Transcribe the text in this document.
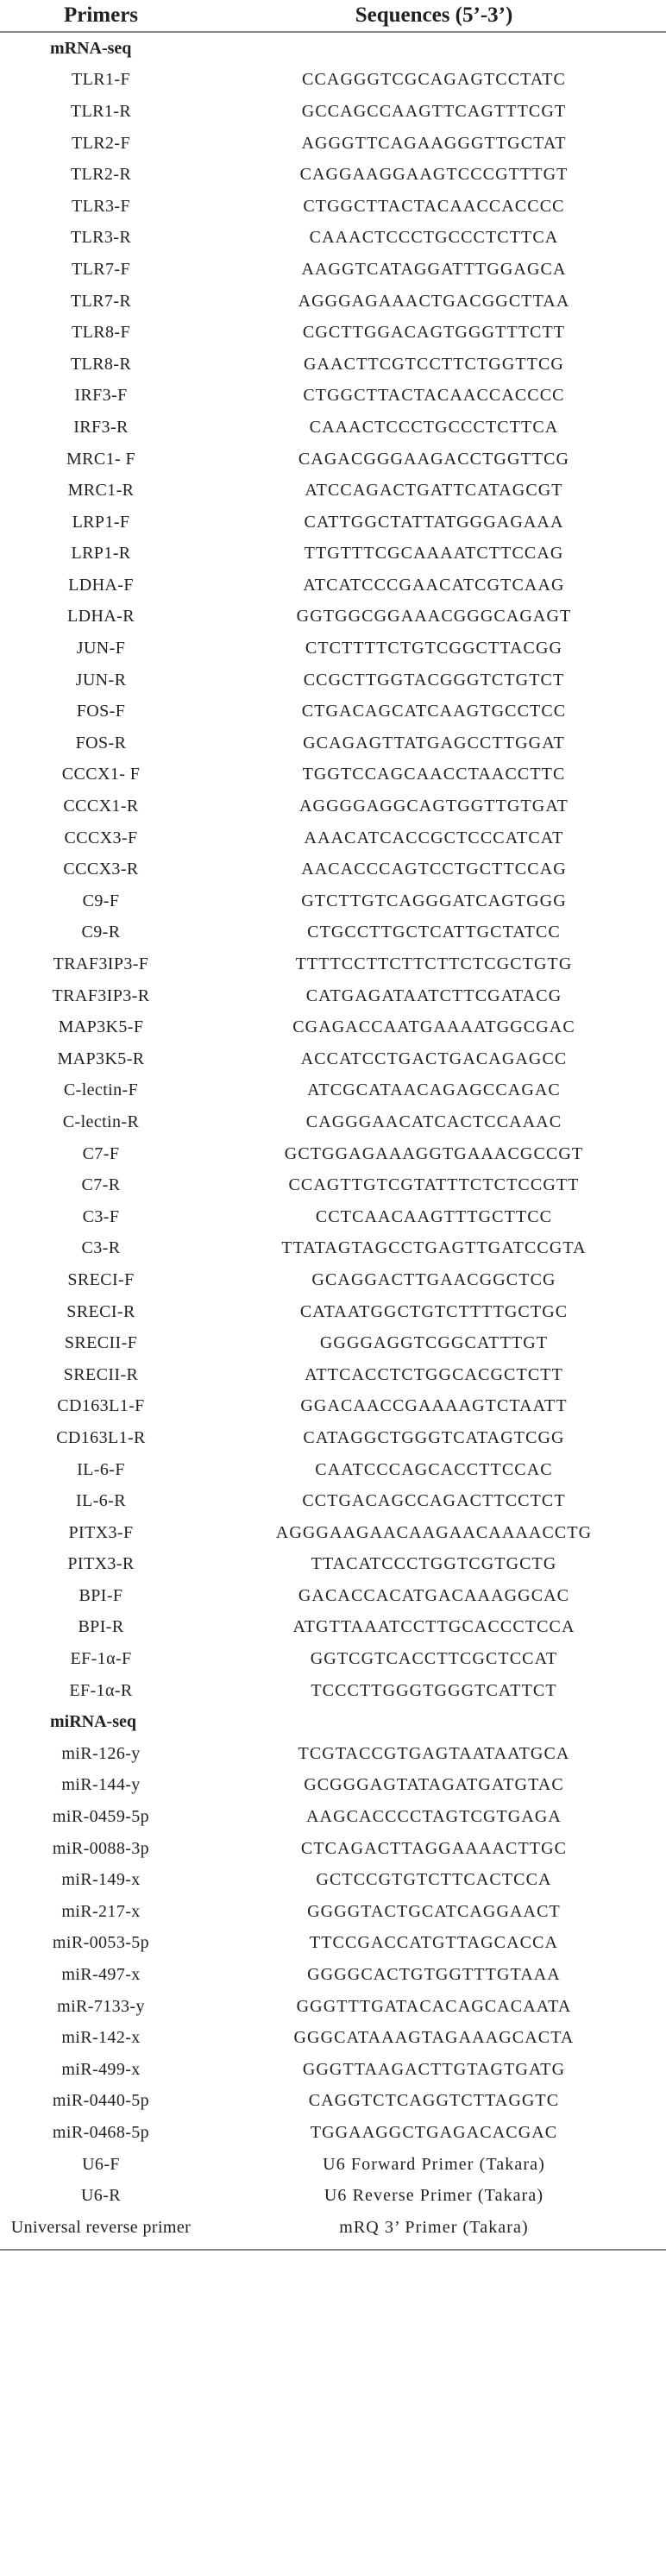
Primers	Sequences (5’-3’)
mRNA-seq
TLR1-F	CCAGGGTCGCAGAGTCCTATC
TLR1-R	GCCAGCCAAGTTCAGTTTCGT
TLR2-F	AGGGTTCAGAAGGGTTGCTAT
TLR2-R	CAGGAAGGAAGTCCCGTTTGT
TLR3-F	CTGGCTTACTACAACCACCCC
TLR3-R	CAAACTCCCTGCCCTCTTCA
TLR7-F	AAGGTCATAGGATTTGGAGCA
TLR7-R	AGGGAGAAACTGACGGCTTAA
TLR8-F	CGCTTGGACAGTGGGTTTCTT
TLR8-R	GAACTTCGTCCTTCTGGTTCG
IRF3-F	CTGGCTTACTACAACCACCCC
IRF3-R	CAAACTCCCTGCCCTCTTCA
MRC1- F	CAGACGGGAAGACCTGGTTCG
MRC1-R	ATCCAGACTGATTCATAGCGT
LRP1-F	CATTGGCTATTATGGGAGAAA
LRP1-R	TTGTTTCGCAAAATCTTCCAG
LDHA-F	ATCATCCCGAACATCGTCAAG
LDHA-R	GGTGGCGGAAACGGGCAGAGT
JUN-F	CTCTTTTCTGTCGGCTTACGG
JUN-R	CCGCTTGGTACGGGTCTGTCT
FOS-F	CTGACAGCATCAAGTGCCTCC
FOS-R	GCAGAGTTATGAGCCTTGGAT
CCCX1- F	TGGTCCAGCAACCTAACCTTC
CCCX1-R	AGGGGAGGCAGTGGTTGTGAT
CCCX3-F	AAACATCACCGCTCCCATCAT
CCCX3-R	AACACCCAGTCCTGCTTCCAG
C9-F	GTCTTGTCAGGGATCAGTGGG
C9-R	CTGCCTTGCTCATTGCTATCC
TRAF3IP3-F	TTTTCCTTCTTCTTCTCGCTGTG
TRAF3IP3-R	CATGAGATAATCTTCGATACG
MAP3K5-F	CGAGACCAATGAAAATGGCGAC
MAP3K5-R	ACCATCCTGACTGACAGAGCC
C-lectin-F	ATCGCATAACAGAGCCAGAC
C-lectin-R	CAGGGAACATCACTCCAAAC
C7-F	GCTGGAGAAAGGTGAAACGCCGT
C7-R	CCAGTTGTCGTATTTCTCTCCGTT
C3-F	CCTCAACAAGTTTGCTTCC
C3-R	TTATAGTAGCCTGAGTTGATCCGTA
SRECI-F	GCAGGACTTGAACGGCTCG
SRECI-R	CATAATGGCTGTCTTTTGCTGC
SRECII-F	GGGGAGGTCGGCATTTGT
SRECII-R	ATTCACCTCTGGCACGCTCTT
CD163L1-F	GGACAACCGAAAAGTCTAATT
CD163L1-R	CATAGGCTGGGTCATAGTCGG
IL-6-F	CAATCCCAGCACCTTCCAC
IL-6-R	CCTGACAGCCAGACTTCCTCT
PITX3-F	AGGGAAGAACAAGAACAAAACCTG
PITX3-R	TTACATCCCTGGTCGTGCTG
BPI-F	GACACCACATGACAAAGGCAC
BPI-R	ATGTTAAATCCTTGCACCCTCCA
EF-1α-F	GGTCGTCACCTTCGCTCCAT
EF-1α-R	TCCCTTGGGTGGGTCATTCT
miRNA-seq
miR-126-y	TCGTACCGTGAGTAATAATGCA
miR-144-y	GCGGGAGTATAGATGATGTAC
miR-0459-5p	AAGCACCCCTAGTCGTGAGA
miR-0088-3p	CTCAGACTTAGGAAAACTTGC
miR-149-x	GCTCCGTGTCTTCACTCCA
miR-217-x	GGGGTACTGCATCAGGAACT
miR-0053-5p	TTCCGACCATGTTAGCACCA
miR-497-x	GGGGCACTGTGGTTTGTAAA
miR-7133-y	GGGTTTGATACACAGCACAATA
miR-142-x	GGGCATAAAGTAGAAAGCACTA
miR-499-x	GGGTTAAGACTTGTAGTGATG
miR-0440-5p	CAGGTCTCAGGTCTTAGGTC
miR-0468-5p	TGGAAGGCTGAGACACGAC
U6-F	U6 Forward Primer (Takara)
U6-R	U6 Reverse Primer (Takara)
Universal reverse primer	mRQ 3’ Primer (Takara)
